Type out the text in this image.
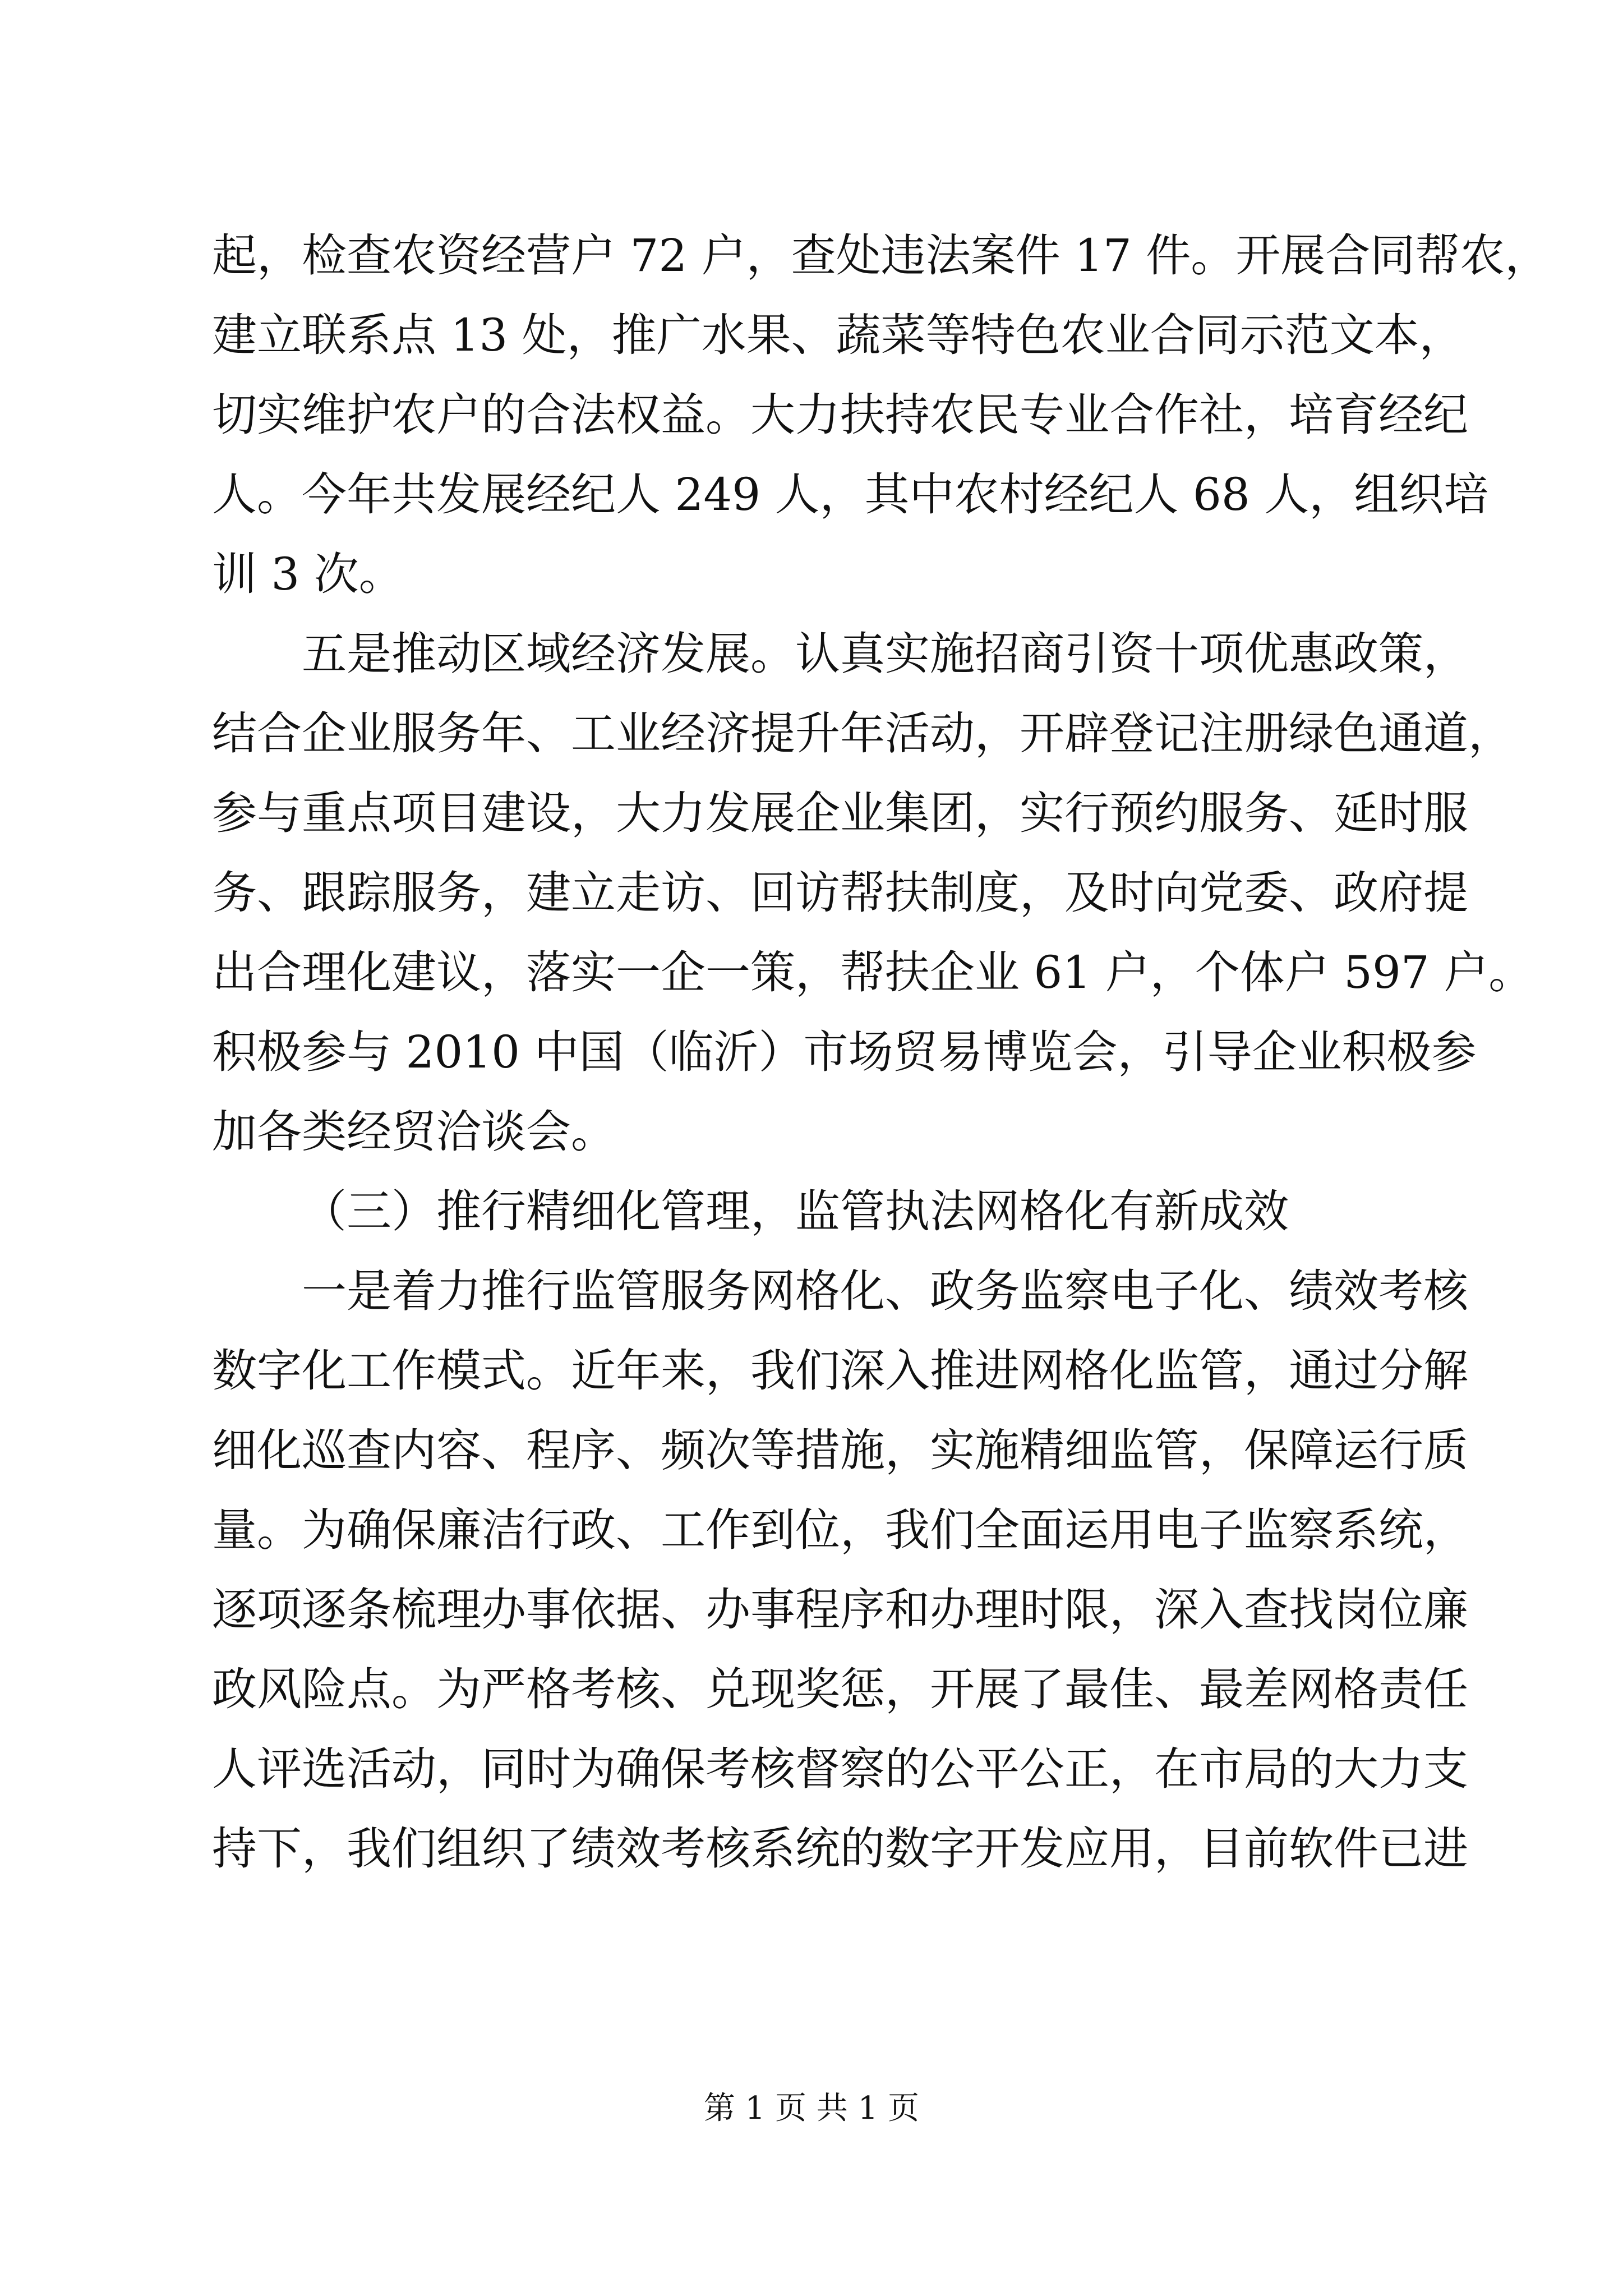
起，检查农资经营户 72 户，查处违法案件 17 件。开展合同帮农，
建立联系点 13 处，推广水果、蔬菜等特色农业合同示范文本，
切实维护农户的合法权益。大力扶持农民专业合作社，培育经纪
人。今年共发展经纪人 249 人，其中农村经纪人 68 人，组织培
训 3 次。
五是推动区域经济发展。认真实施招商引资十项优惠政策，
结合企业服务年、工业经济提升年活动，开辟登记注册绿色通道，
参与重点项目建设，大力发展企业集团，实行预约服务、延时服
务、跟踪服务，建立走访、回访帮扶制度，及时向党委、政府提
出合理化建议，落实一企一策，帮扶企业 61 户，个体户 597 户。
积极参与 2010 中国（临沂）市场贸易博览会，引导企业积极参
加各类经贸洽谈会。
（三）推行精细化管理，监管执法网格化有新成效
一是着力推行监管服务网格化、政务监察电子化、绩效考核
数字化工作模式。近年来，我们深入推进网格化监管，通过分解
细化巡查内容、程序、频次等措施，实施精细监管，保障运行质
量。为确保廉洁行政、工作到位，我们全面运用电子监察系统，
逐项逐条梳理办事依据、办事程序和办理时限，深入查找岗位廉
政风险点。为严格考核、兑现奖惩，开展了最佳、最差网格责任
人评选活动，同时为确保考核督察的公平公正，在市局的大力支
持下，我们组织了绩效考核系统的数字开发应用，目前软件已进
第 1 页 共 1 页
